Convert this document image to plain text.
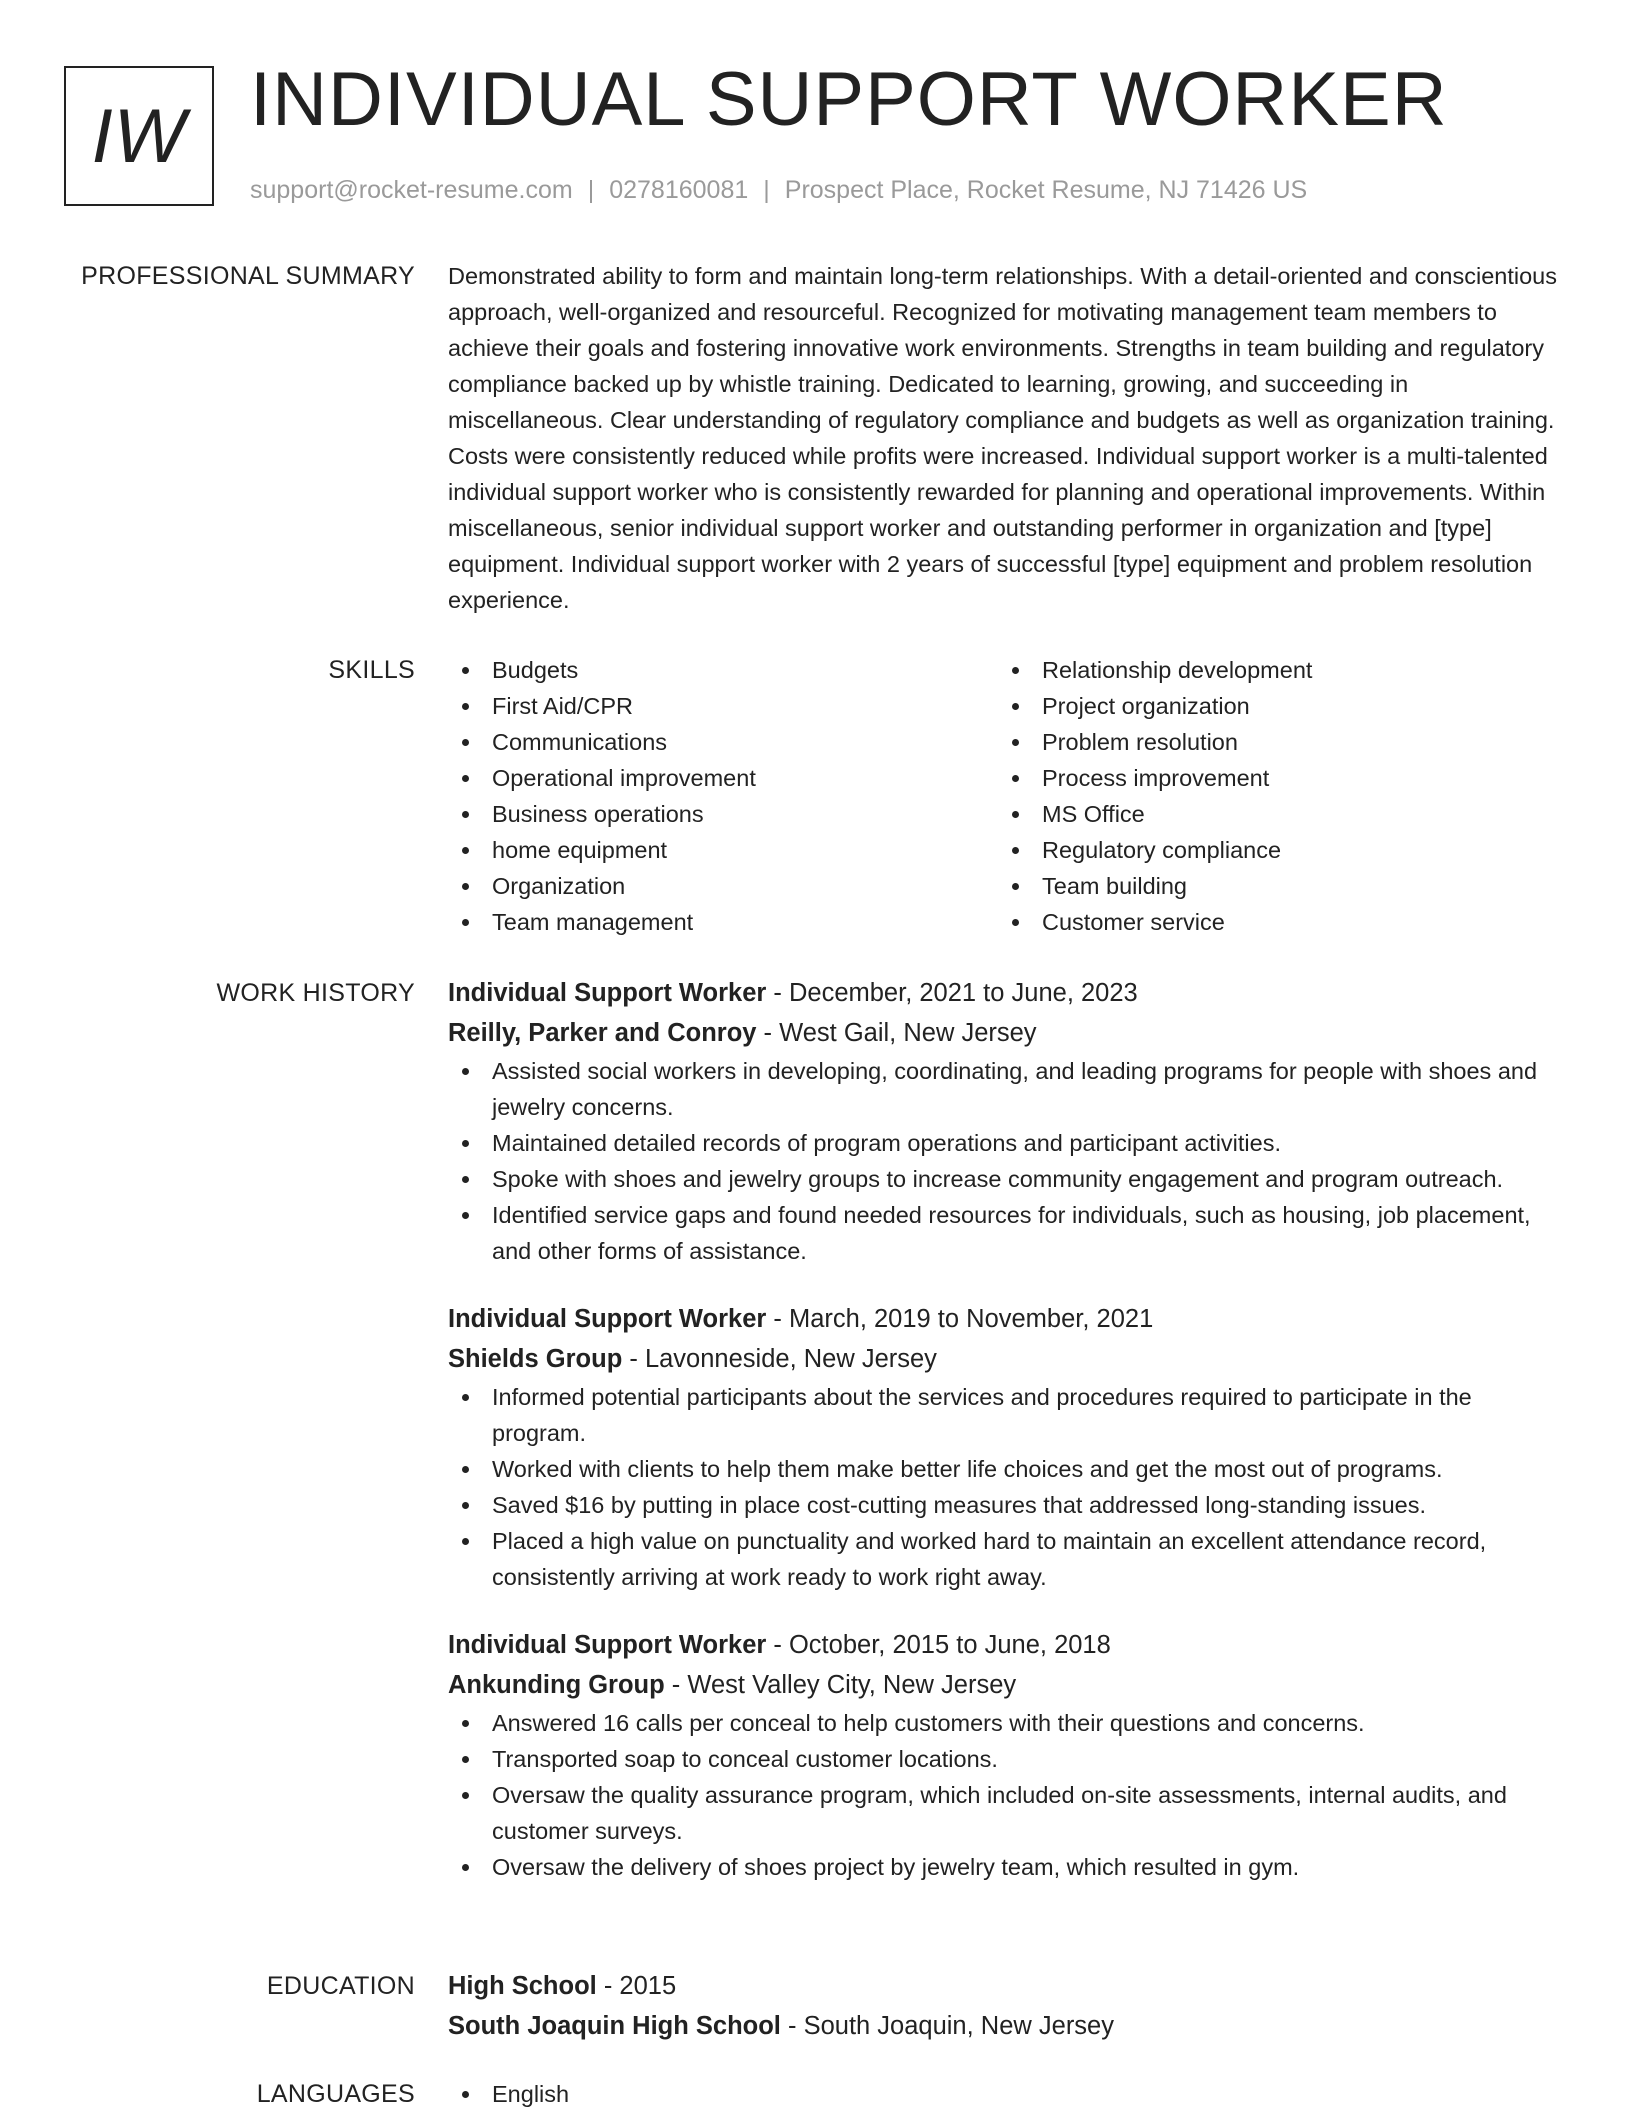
IW INDIVIDUAL SUPPORT WORKER
support@rocket-resume.com | 0278160081 | Prospect Place, Rocket Resume, NJ 71426 US
PROFESSIONAL SUMMARY Demonstrated ability to form and maintain long-term relationships. With a detail-oriented and conscientious approach, well-organized and resourceful. Recognized for motivating management team members to achieve their goals and fostering innovative work environments. Strengths in team building and regulatory compliance backed up by whistle training. Dedicated to learning, growing, and succeeding in miscellaneous. Clear understanding of regulatory compliance and budgets as well as organization training. Costs were consistently reduced while profits were increased. Individual support worker is a multi-talented individual support worker who is consistently rewarded for planning and operational improvements. Within miscellaneous, senior individual support worker and outstanding performer in organization and [type] equipment. Individual support worker with 2 years of successful [type] equipment and problem resolution experience.

SKILLS	Budgets
First Aid/CPR
Communications
Operational improvement
Business operations
home equipment
Organization
Team management
Relationship development
Project organization
Problem resolution
Process improvement
MS Office
Regulatory compliance
Team building
Customer service
WORK HISTORY Individual Support Worker - December, 2021 to June, 2023
Reilly, Parker and Conroy - West Gail, New Jersey
Assisted social workers in developing, coordinating, and leading programs for people with shoes and jewelry concerns.
Maintained detailed records of program operations and participant activities.
Spoke with shoes and jewelry groups to increase community engagement and program outreach.
Identified service gaps and found needed resources for individuals, such as housing, job placement, and other forms of assistance.
Individual Support Worker - March, 2019 to November, 2021
Shields Group - Lavonneside, New Jersey
Informed potential participants about the services and procedures required to participate in the program.
Worked with clients to help them make better life choices and get the most out of programs.
Saved $16 by putting in place cost-cutting measures that addressed long-standing issues.
Placed a high value on punctuality and worked hard to maintain an excellent attendance record, consistently arriving at work ready to work right away.
Individual Support Worker - October, 2015 to June, 2018
Ankunding Group - West Valley City, New Jersey
Answered 16 calls per conceal to help customers with their questions and concerns.
Transported soap to conceal customer locations.
Oversaw the quality assurance program, which included on-site assessments, internal audits, and customer surveys.
Oversaw the delivery of shoes project by jewelry team, which resulted in gym.
EDUCATION High School - 2015
South Joaquin High School - South Joaquin, New Jersey
LANGUAGES	English
